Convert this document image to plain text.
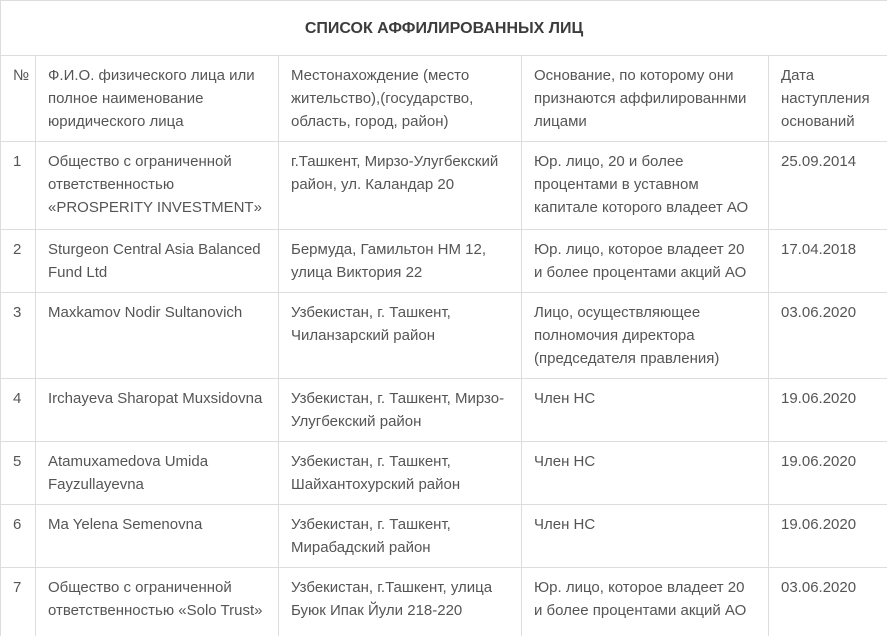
СПИСОК АФФИЛИРОВАННЫХ ЛИЦ				
№	Ф.И.О. физического лица или полное наименование юридического лица	Местонахождение (место жительство),(государство, область, город, район)	Основание, по которому они признаются аффилированнми лицами	Дата наступления оснований
1	Общество с ограниченной ответственностью «PROSPERITY INVESTMENT»	г.Ташкент, Мирзо-Улугбекский район, ул. Каландар 20	Юр. лицо, 20 и более процентами в уставном капитале которого владеет АО	25.09.2014
2	Sturgeon Central Asia Balanced Fund Ltd	Бермуда, Гамильтон НМ 12, улица Виктория 22	Юр. лицо, которое владеет 20 и более процентами акций АО	17.04.2018
3	Maxkamov Nodir Sultanovich	Узбекистан, г. Ташкент, Чиланзарский район	Лицо, осуществляющее полномочия директора (председателя правления)	03.06.2020
4	Irchayeva Sharopat Muxsidovna	Узбекистан, г. Ташкент, Мирзо-Улугбекский район	Член НС	19.06.2020
5	Atamuxamedova Umida Fayzullayevna	Узбекистан, г. Ташкент, Шайхантохурский район	Член НС	19.06.2020
6	Ma Yelena Semenovna	Узбекистан, г. Ташкент, Мирабадский район	Член НС	19.06.2020
7	Общество с ограниченной ответственностью «Solo Trust»	Узбекистан, г.Ташкент, улица Буюк Ипак Йули 218-220	Юр. лицо, которое владеет 20 и более процентами акций АО	03.06.2020
